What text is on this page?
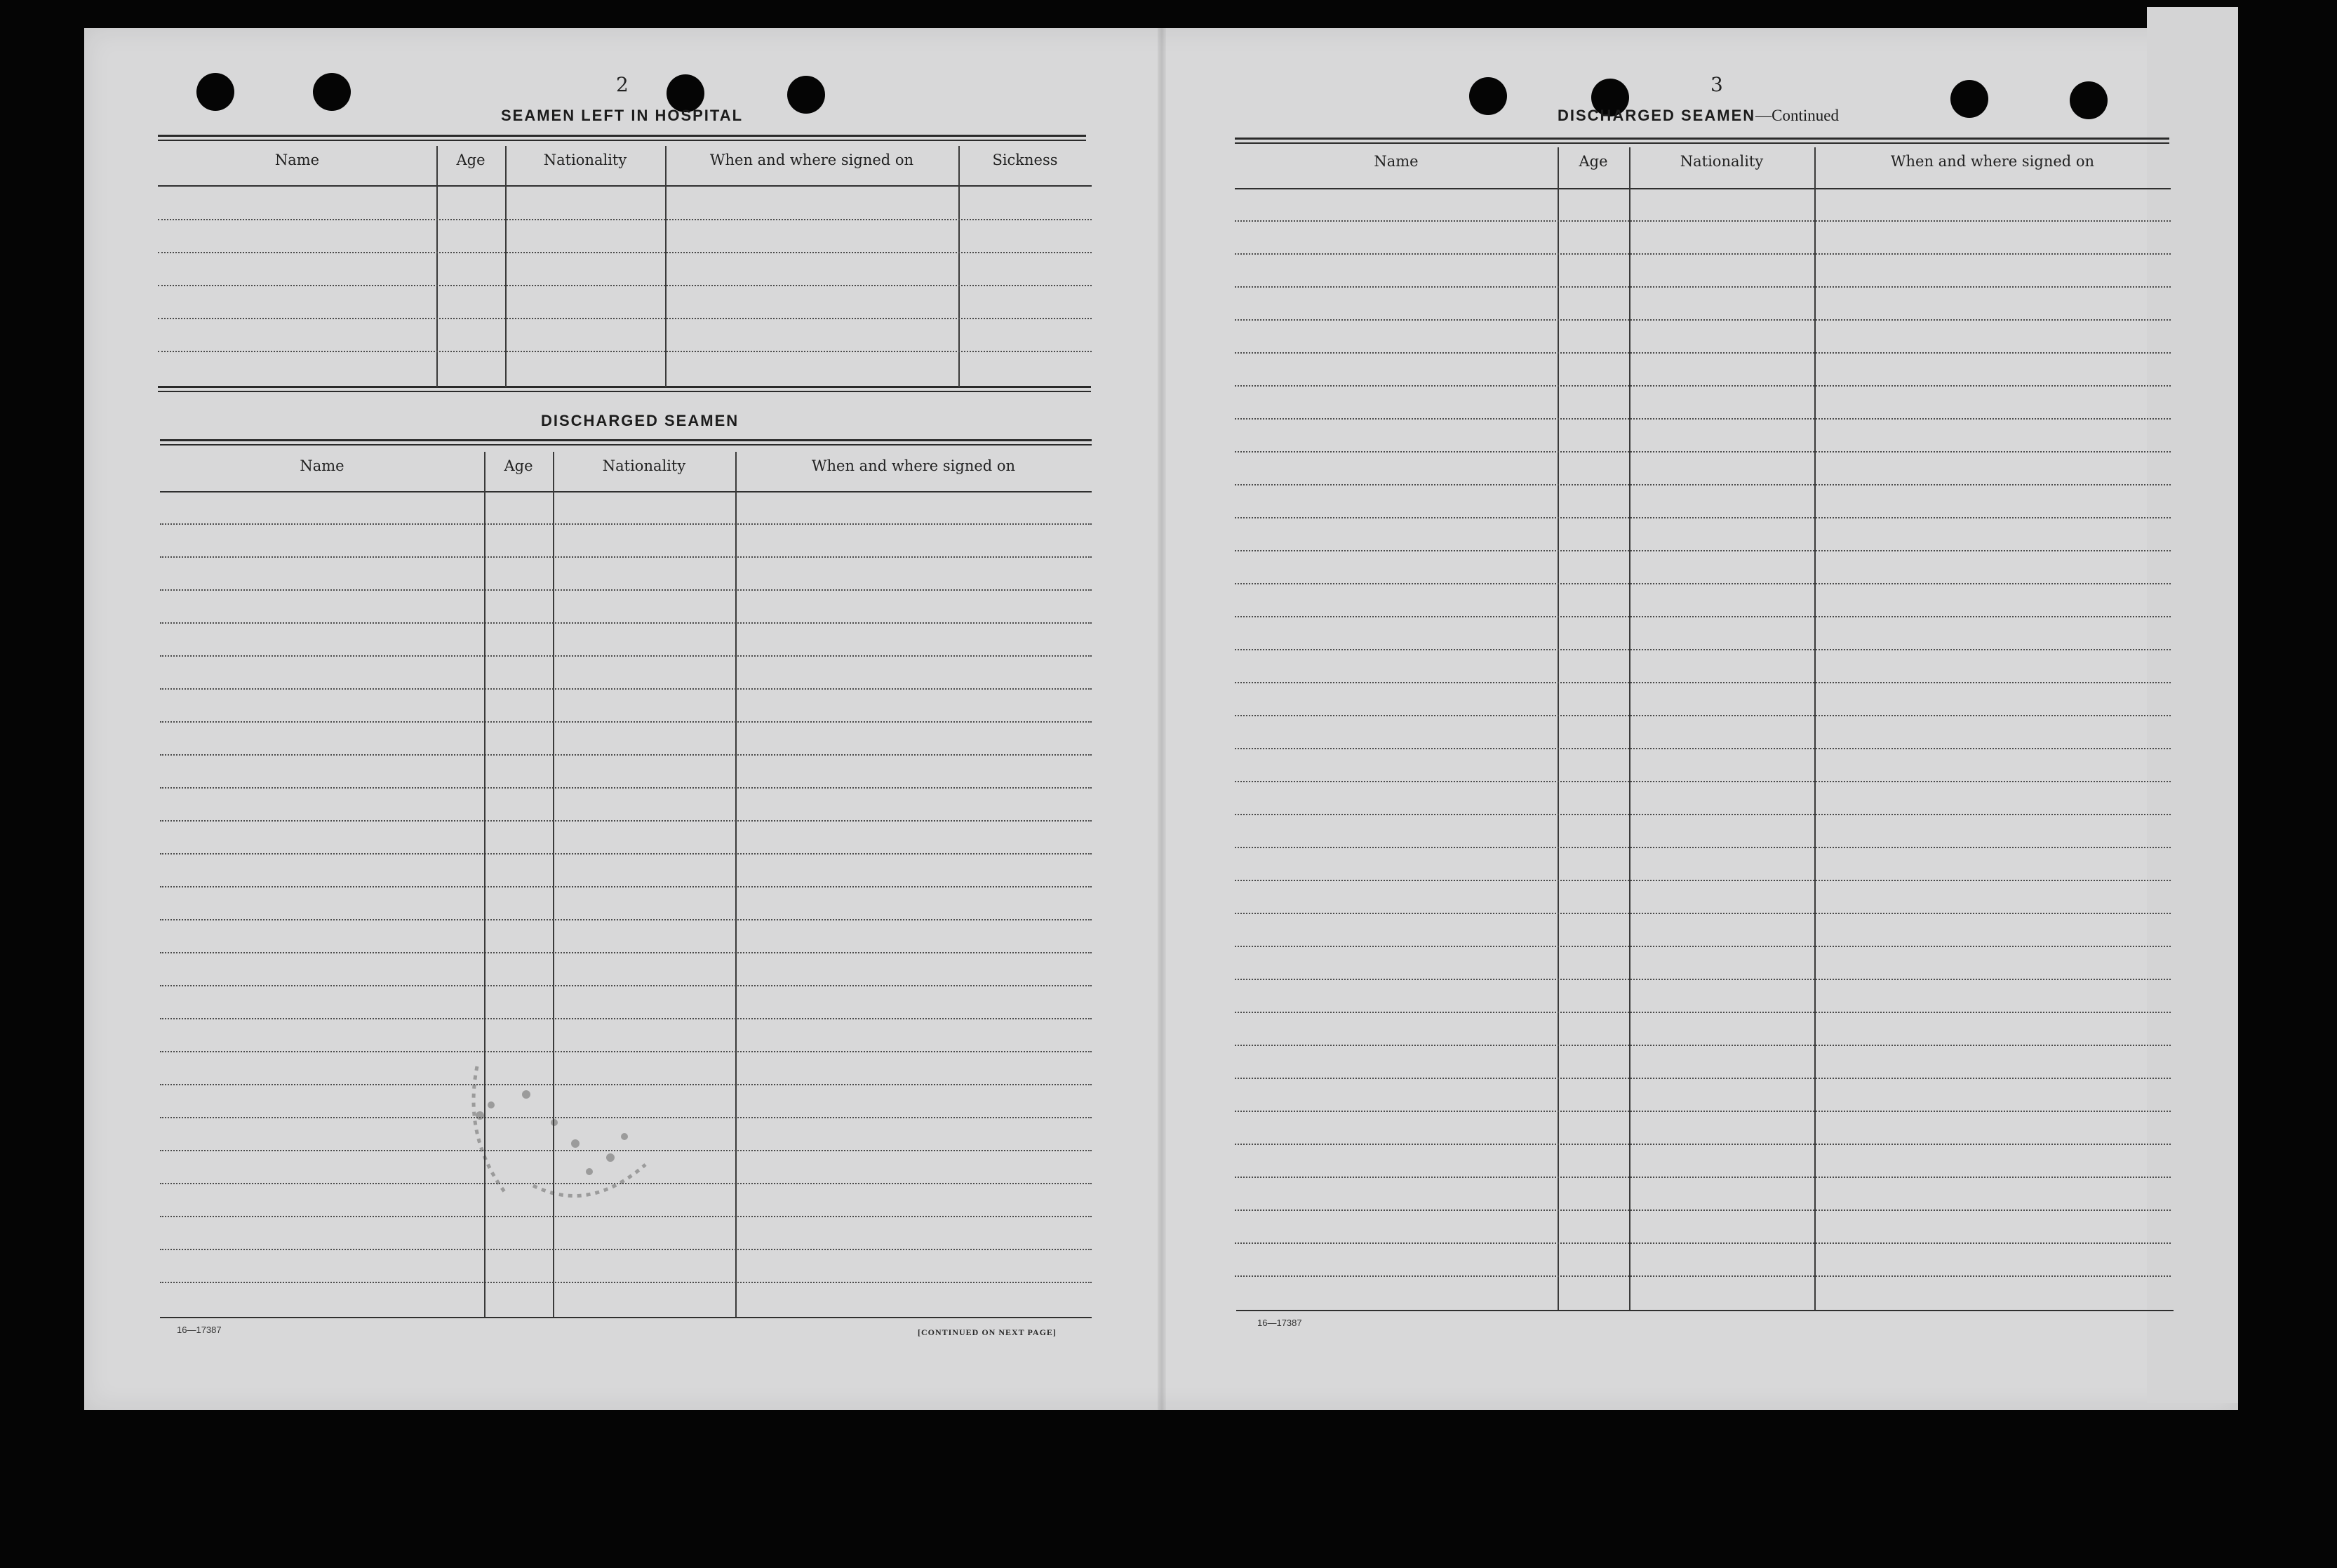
2
SEAMEN LEFT IN HOSPITAL
DISCHARGED SEAMEN
16—17387	[CONTINUED ON NEXT PAGE]
3
DISCHARGED SEAMEN—Continued
16—17387
Name	Age	Nationality	When and where signed on	Sickness
Name	Age	Nationality	When and where signed on
Name	Age	Nationality	When and where signed on
